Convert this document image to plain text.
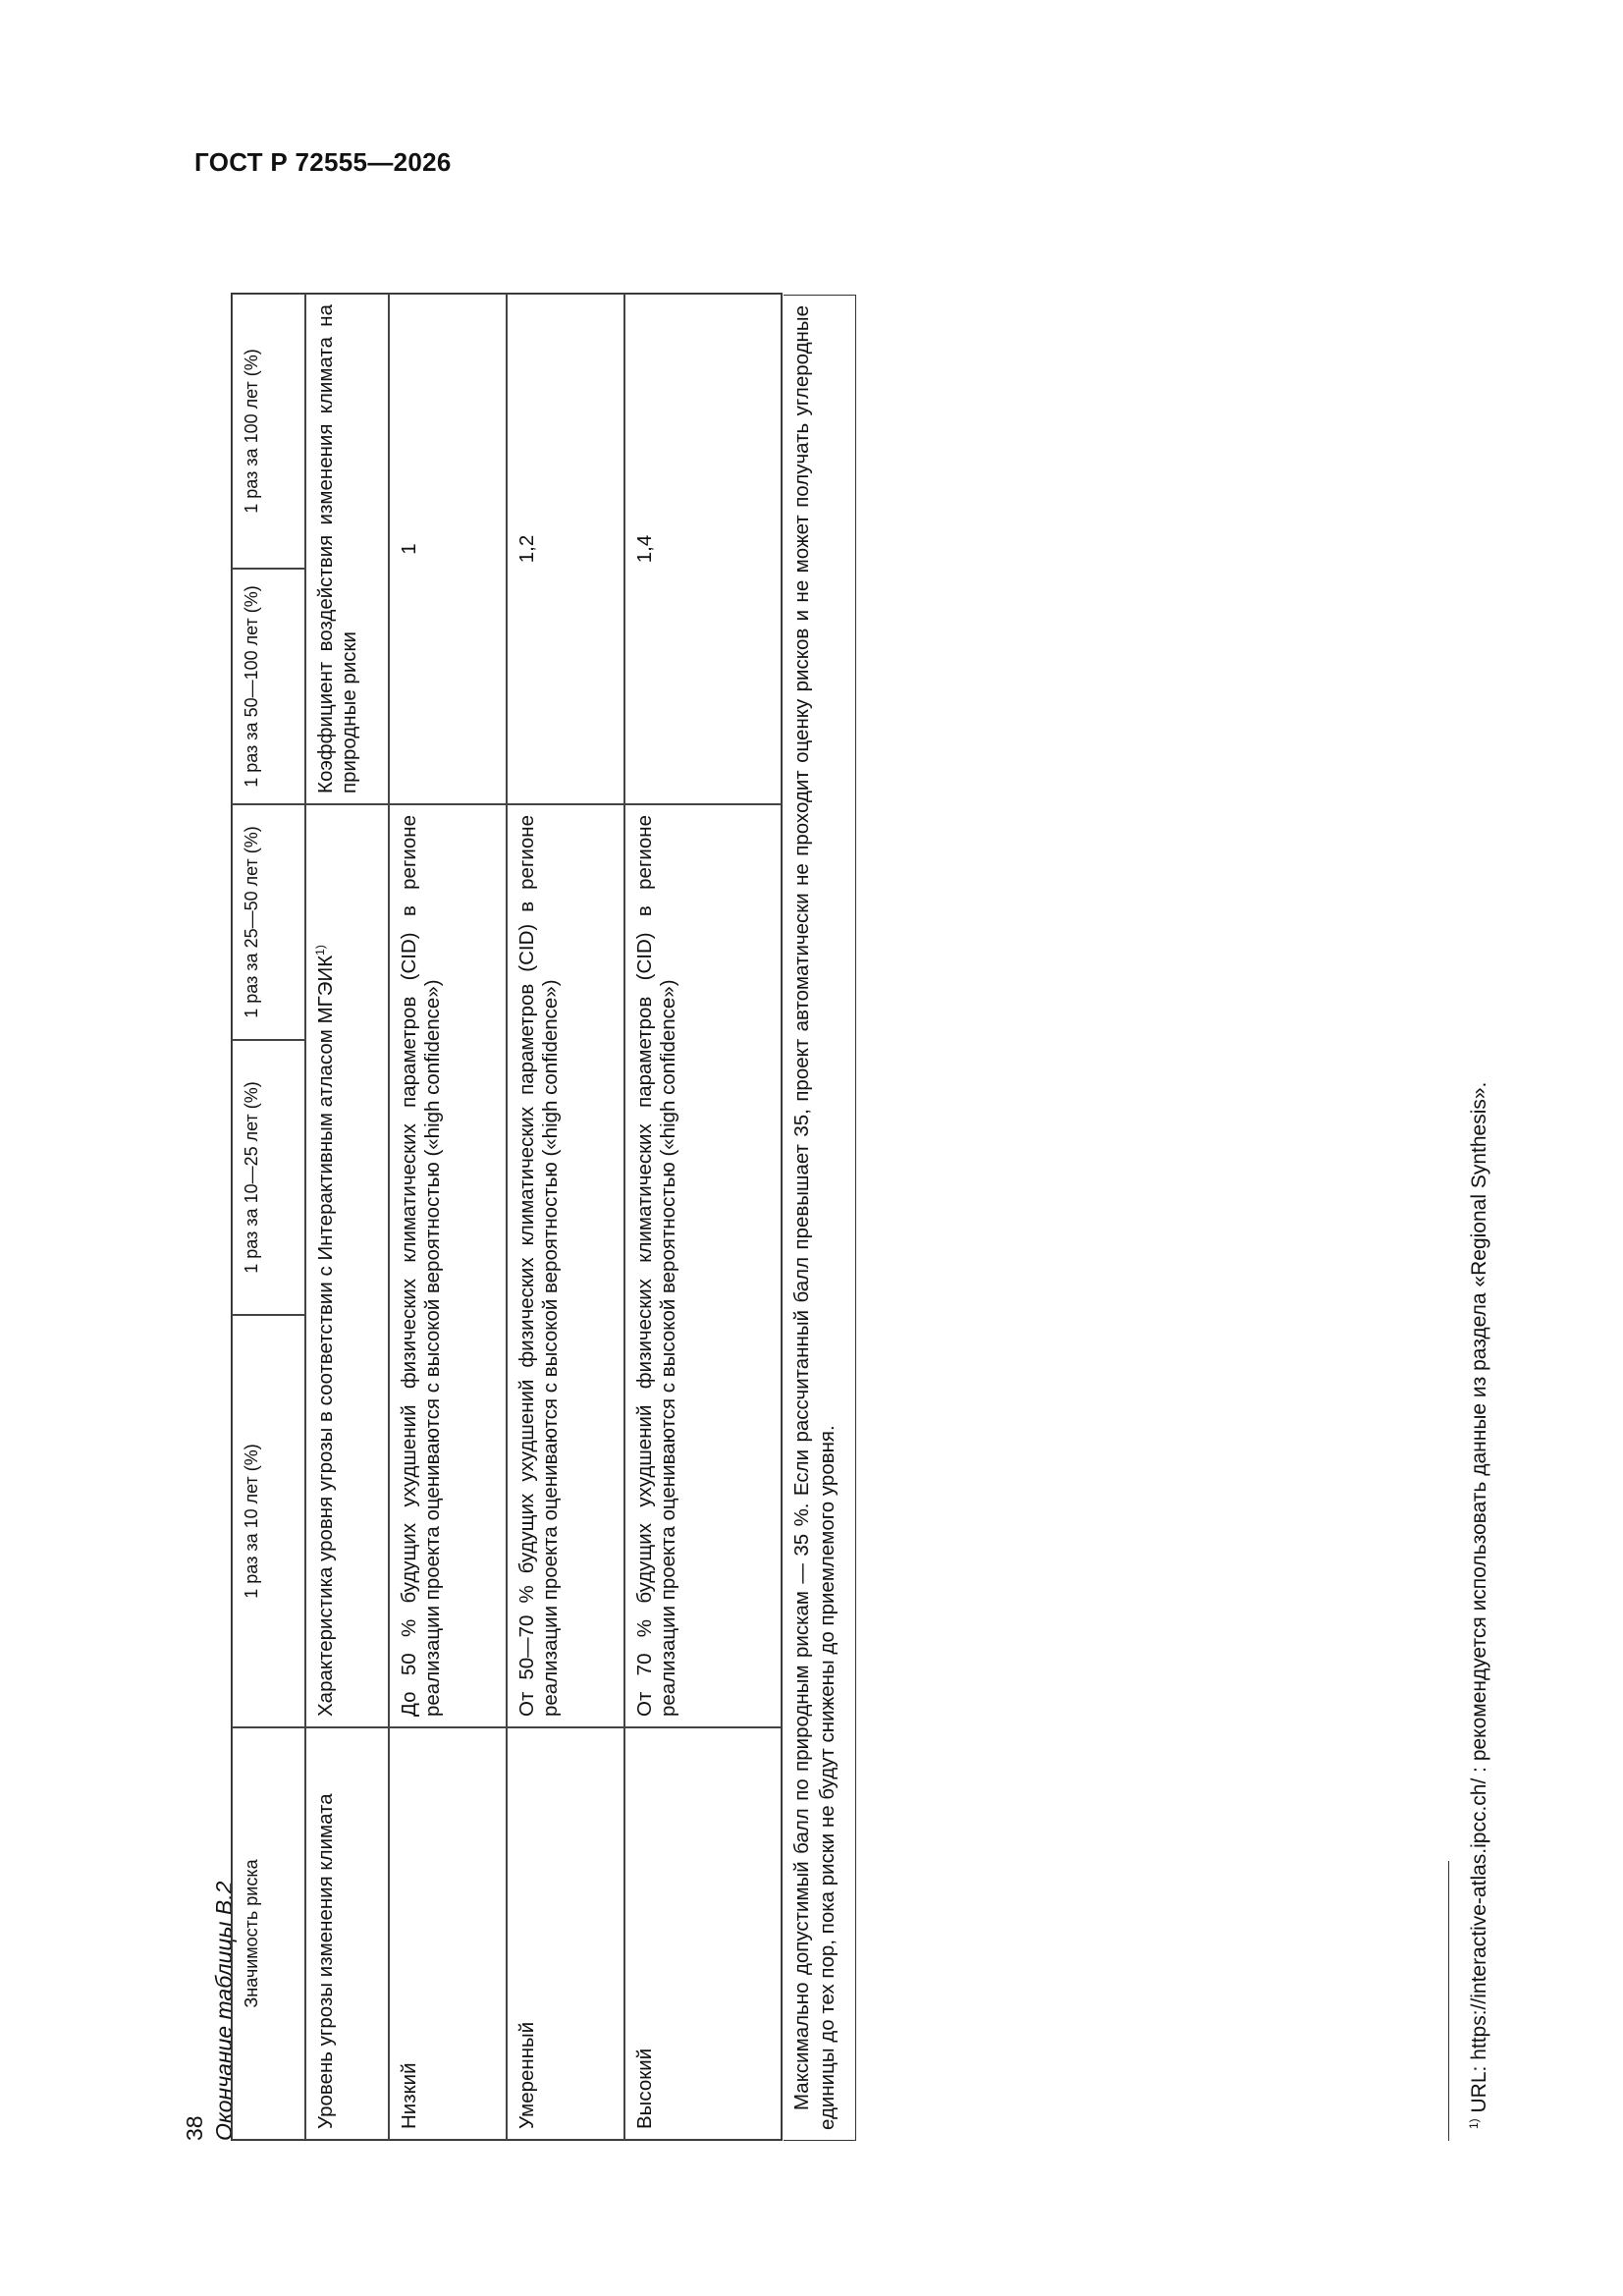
ГОСТ Р 72555—2026
38 Окончание таблицы В.2 Значимость риска
1 раз за 10 лет (%)
1 раз за 10—25 лет (%)
1 раз за 25—50 лет (%)
1 раз за 50—100 лет (%)
1 раз за 100 лет (%)
Уровень угрозы изменения климата
Характеристика уровня угрозы в соответствии с Интерактивным атласом МГЭИК$^{1)}$
Коэффициент воздействия изменения климата на природные риски
Низкий
До 50 % будущих ухудшений физических климатических параметров (CID) в регионе реализации проекта оцениваются с высокой вероятностью («high confidence»)
1
Умеренный
От 50—70 % будущих ухудшений физических климатических параметров (CID) в регионе реализации проекта оцениваются с высокой вероятностью («high confidence»)
1,2
Высокий
От 70 % будущих ухудшений физических климатических параметров (CID) в регионе реализации проекта оцениваются с высокой вероятностью («high confidence»)
1,4	Максимально допустимый балл по природным рискам — 35 %. Если рассчитанный балл превышает 35, проект автоматически не проходит оценку рисков и не может получать углеродные единицы до тех пор, пока риски не будут снижены до приемлемого уровня.	$^{1)}$ URL: https://interactive-atlas.ipcc.ch/ : рекомендуется использовать данные из раздела «Regional Synthesis».
